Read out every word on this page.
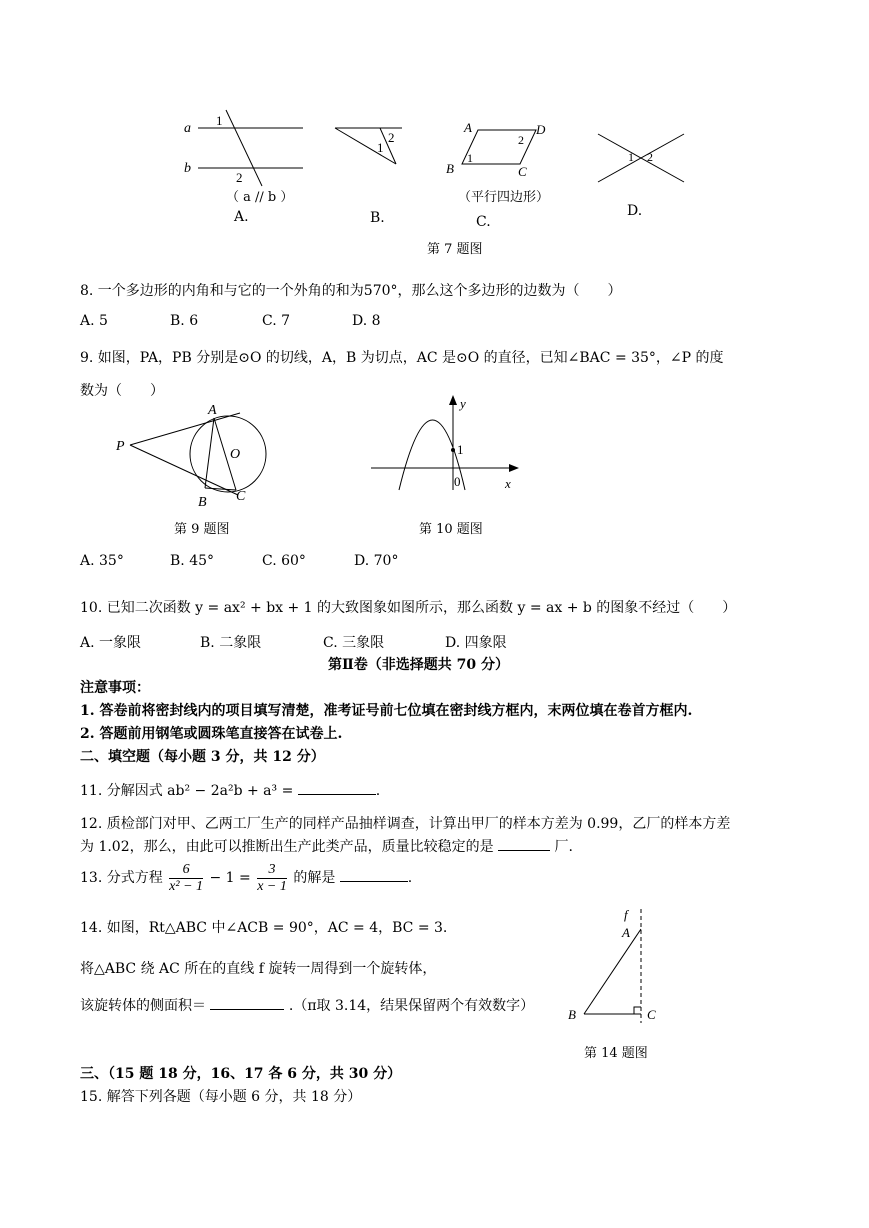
1
2
a
b
（ a // b ）
A.
2
1
B.
A	D
B	C
1
2
（平行四边形）
C.
1 2
D.
第 7 题图
8. 一个多边形的内角和与它的一个外角的和为570°，那么这个多边形的边数为（　　）
A. 5	B. 6	C. 7	D. 8
9. 如图，PA，PB 分别是⊙O 的切线，A，B 为切点，AC 是⊙O 的直径，已知∠BAC = 35°，∠P 的度
数为（　　）
P
A
O
B C
第 9 题图
y
x
1
0
第 10 题图
A. 35°	B. 45°	C. 60°	D. 70°
10. 已知二次函数 y = ax² + bx + 1 的大致图象如图所示，那么函数 y = ax + b 的图象不经过（　　）
A. 一象限	B. 二象限	C. 三象限	D. 四象限
第Ⅱ卷（非选择题共 70 分）
注意事项：
1. 答卷前将密封线内的项目填写清楚，准考证号前七位填在密封线方框内，末两位填在卷首方框内.
2. 答题前用钢笔或圆珠笔直接答在试卷上.
二、填空题（每小题 3 分，共 12 分）
11. 分解因式 ab² − 2a²b + a³ =	.
12. 质检部门对甲、乙两工厂生产的同样产品抽样调查，计算出甲厂的样本方差为 0.99，乙厂的样本方差
为 1.02，那么，由此可以推断出生产此类产品，质量比较稳定的是	厂.
13. 分式方程 $\frac{6}{\text{x² − 1}} - 1 = \frac{3}{x - 1}$ 的解是	.
14. 如图，Rt△ABC 中∠ACB = 90°，AC = 4，BC = 3.
将△ABC 绕 AC 所在的直线 f 旋转一周得到一个旋转体，
该旋转体的侧面积＝	.（π取 3.14，结果保留两个有效数字）
f
A
B	C
第 14 题图
三、（15 题 18 分，16、17 各 6 分，共 30 分）
15. 解答下列各题（每小题 6 分，共 18 分）
